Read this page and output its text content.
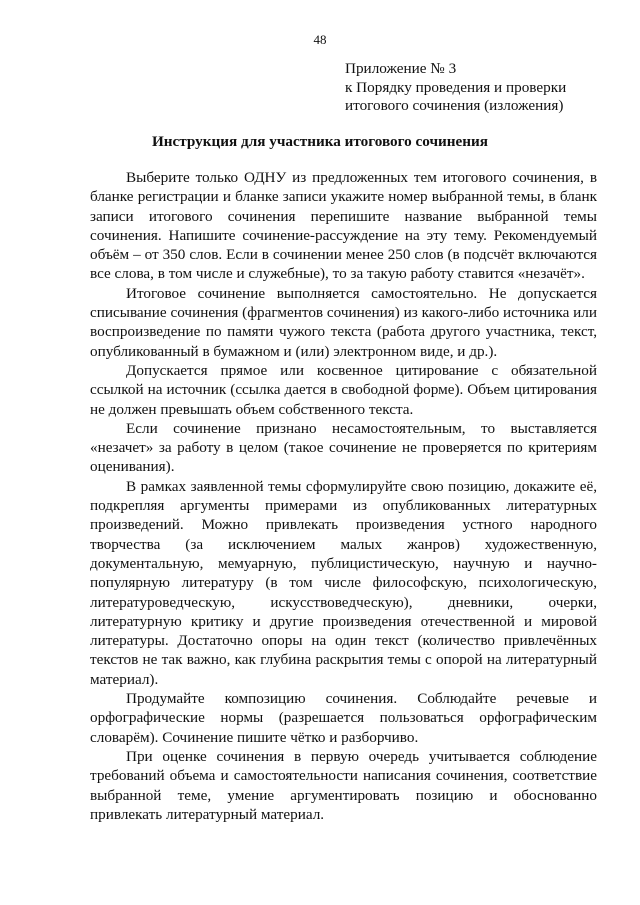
48
Приложение № 3
к Порядку проведения и проверки
итогового сочинения (изложения)
Инструкция для участника итогового сочинения

Выберите только ОДНУ из предложенных тем итогового сочинения, в бланке регистрации и бланке записи укажите номер выбранной темы, в бланк записи итогового сочинения перепишите название выбранной темы сочинения. Напишите сочинение-рассуждение на эту тему. Рекомендуемый объём – от 350 слов. Если в сочинении менее 250 слов (в подсчёт включаются все слова, в том числе и служебные), то за такую работу ставится «незачёт».

Итоговое сочинение выполняется самостоятельно. Не допускается списывание сочинения (фрагментов сочинения) из какого-либо источника или воспроизведение по памяти чужого текста (работа другого участника, текст, опубликованный в бумажном и (или) электронном виде, и др.).

Допускается прямое или косвенное цитирование с обязательной ссылкой на источник (ссылка дается в свободной форме). Объем цитирования не должен превышать объем собственного текста.

Если сочинение признано несамостоятельным, то выставляется «незачет» за работу в целом (такое сочинение не проверяется по критериям оценивания).

В рамках заявленной темы сформулируйте свою позицию, докажите её, подкрепляя аргументы примерами из опубликованных литературных произведений. Можно привлекать произведения устного народного творчества (за исключением малых жанров) художественную, документальную, мемуарную, публицистическую, научную и научно-популярную литературу (в том числе философскую, психологическую, литературоведческую, искусствоведческую), дневники, очерки, литературную критику и другие произведения отечественной и мировой литературы. Достаточно опоры на один текст (количество привлечённых текстов не так важно, как глубина раскрытия темы с опорой на литературный материал).

Продумайте композицию сочинения. Соблюдайте речевые и орфографические нормы (разрешается пользоваться орфографическим словарём). Сочинение пишите чётко и разборчиво.

При оценке сочинения в первую очередь учитывается соблюдение требований объема и самостоятельности написания сочинения, соответствие выбранной теме, умение аргументировать позицию и обоснованно привлекать литературный материал.
